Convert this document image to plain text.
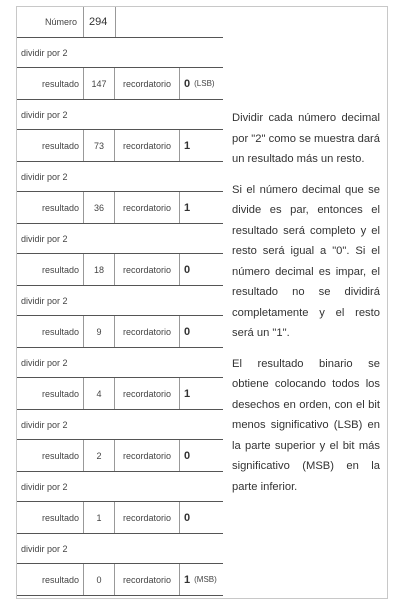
Número	294
dividir por 2
resultado	147	recordatorio	0 (LSB)
dividir por 2
resultado	73	recordatorio	1
dividir por 2
resultado	36	recordatorio	1
dividir por 2
resultado	18	recordatorio	0
dividir por 2
resultado	9	recordatorio	0
dividir por 2
resultado	4	recordatorio	1
dividir por 2
resultado	2	recordatorio	0
dividir por 2
resultado	1	recordatorio	0
dividir por 2
resultado	0	recordatorio	1 (MSB)

Dividir cada número decimal por "2" como se muestra dará un resultado más un resto.

Si el número decimal que se divide es par, entonces el resultado será completo y el resto será igual a "0". Si el número decimal es impar, el resultado no se dividirá completamente y el resto será un "1".

El resultado binario se obtiene colocando todos los desechos en orden, con el bit menos significativo (LSB) en la parte superior y el bit más significativo (MSB) en la parte inferior.
